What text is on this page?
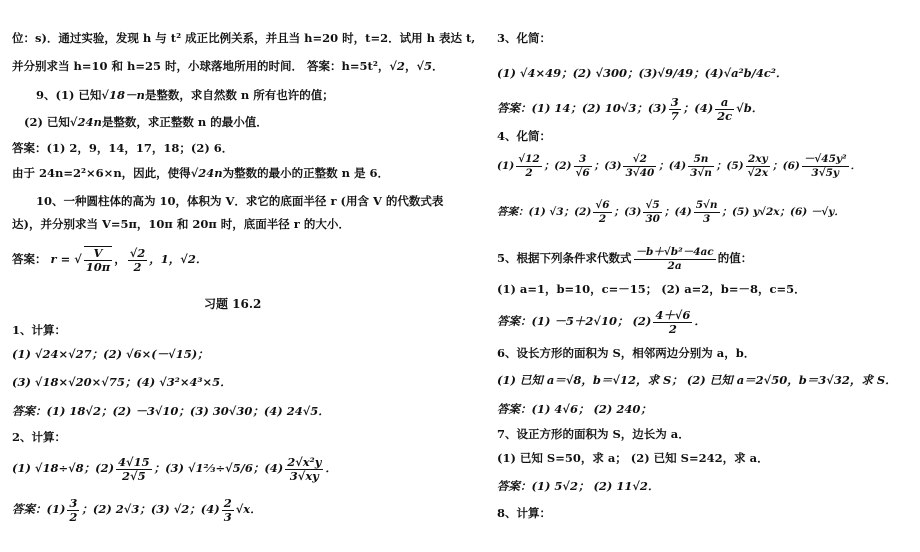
位：s)．通过实验，发现 h 与 t² 成正比例关系，并且当 h=20 时，t=2．试用 h 表达 t,
并分别求当 h=10 和 h=25 时，小球落地所用的时间． 答案：h=5t²，√2，√5．
9、(1) 已知√18－n是整数，求自然数 n 所有也许的值；
(2) 已知√24n是整数，求正整数 n 的最小值．
答案：(1) 2，9，14，17，18；(2) 6．
由于 24n=2²×6×n，因此，使得√24n为整数的最小的正整数 n 是 6．
10、一种圆柱体的高为 10，体积为 V．求它的底面半径 r (用含 V 的代数式表
达)，并分别求当 V=5π，10π 和 20π 时，底面半径 r 的大小．
答案： r = √ $\frac{V}{10\pi}$ ， $\frac{√2}{2}$ ，1，√2．
习题 16.2
1、计算：
(1) √24×√27；(2) √6×(－√15)；
(3) √18×√20×√75；(4) √3²×4³×5．
答案：(1) 18√2；(2) －3√10；(3) 30√30；(4) 24√5．
2、计算：
(1) √18÷√8；$(2) \frac{4√15}{2√5}$ ；(3) √1⅔÷√5/6；$(4) \frac{\text{2√x²y}}{3√xy}$ ．
答案：$(1) \frac{3}{2}$ ；(2) 2√3；(3) √2；$(4) \frac{2}{3} √x$．
3、化简：
(1) √4×49；(2) √300；(3)√9/49；(4)√a²b/4c²．
答案：(1) 14；(2) 10√3；$(3) \frac{3}{7}$ ；$(4) \frac{a}{2c} √b$．
4、化简：
$(1) \frac{√12}{2}$ ；$(2) \frac{3}{√6}$ ；$(3) \frac{√2}{3√40}$ ；$(4) \frac{5n}{3√n}$ ；$(5) \frac{2xy}{√2x}$ ；$(6) \frac{\text{－√45y²}}{3√5y}$ ．
答案：(1) √3；$(2) \frac{√6}{2}$ ；$(3) \frac{√5}{30}$ ；$(4) \frac{5√n}{3}$ ；(5) y√2x；(6) －√y．
5、根据下列条件求代数式 $\frac{\text{－b＋√b²－4ac}}{2a}$ 的值：
(1) a=1，b=10，c=－15； (2) a=2，b=－8，c=5．
答案：(1) －5＋2√10； $(2) \frac{4+√6}{2}$ ．
6、设长方形的面积为 S，相邻两边分别为 a，b．
(1) 已知 a＝√8，b＝√12，求 S； (2) 已知 a＝2√50，b＝3√32，求 S．
答案：(1) 4√6； (2) 240；
7、设正方形的面积为 S，边长为 a．
(1) 已知 S=50，求 a； (2) 已知 S=242，求 a．
答案：(1) 5√2； (2) 11√2．
8、计算：
